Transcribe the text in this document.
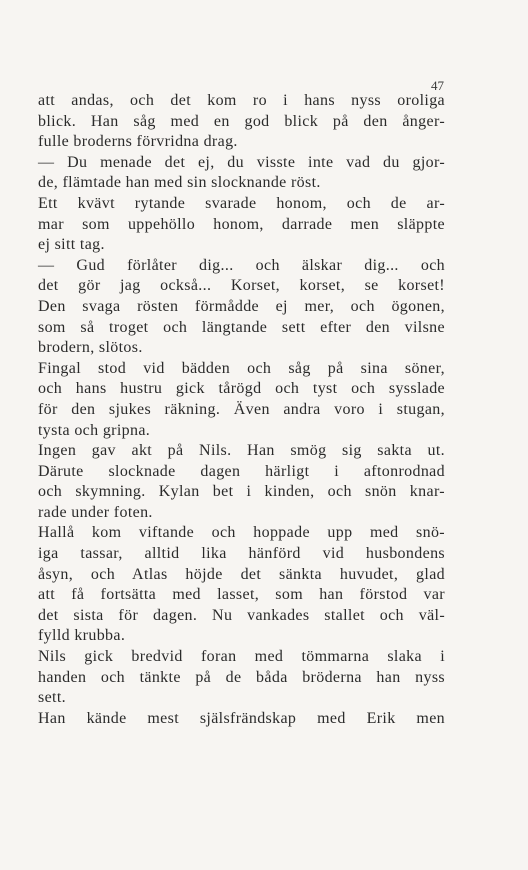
47
att andas, och det kom ro i hans nyss oroliga
blick. Han såg med en god blick på den ånger-
fulle broderns förvridna drag.
— Du menade det ej, du visste inte vad du gjor-
de, flämtade han med sin slocknande röst.
Ett kvävt rytande svarade honom, och de ar-
mar som uppehöllo honom, darrade men släppte
ej sitt tag.
— Gud förlåter dig... och älskar dig... och
det gör jag också... Korset, korset, se korset!
Den svaga rösten förmådde ej mer, och ögonen,
som så troget och längtande sett efter den vilsne
brodern, slötos.
Fingal stod vid bädden och såg på sina söner,
och hans hustru gick tårögd och tyst och sysslade
för den sjukes räkning. Även andra voro i stugan,
tysta och gripna.
Ingen gav akt på Nils. Han smög sig sakta ut.
Därute slocknade dagen härligt i aftonrodnad
och skymning. Kylan bet i kinden, och snön knar-
rade under foten.
Hallå kom viftande och hoppade upp med snö-
iga tassar, alltid lika hänförd vid husbondens
åsyn, och Atlas höjde det sänkta huvudet, glad
att få fortsätta med lasset, som han förstod var
det sista för dagen. Nu vankades stallet och väl-
fylld krubba.
Nils gick bredvid foran med tömmarna slaka i
handen och tänkte på de båda bröderna han nyss
sett.
Han kände mest själsfrändskap med Erik men
